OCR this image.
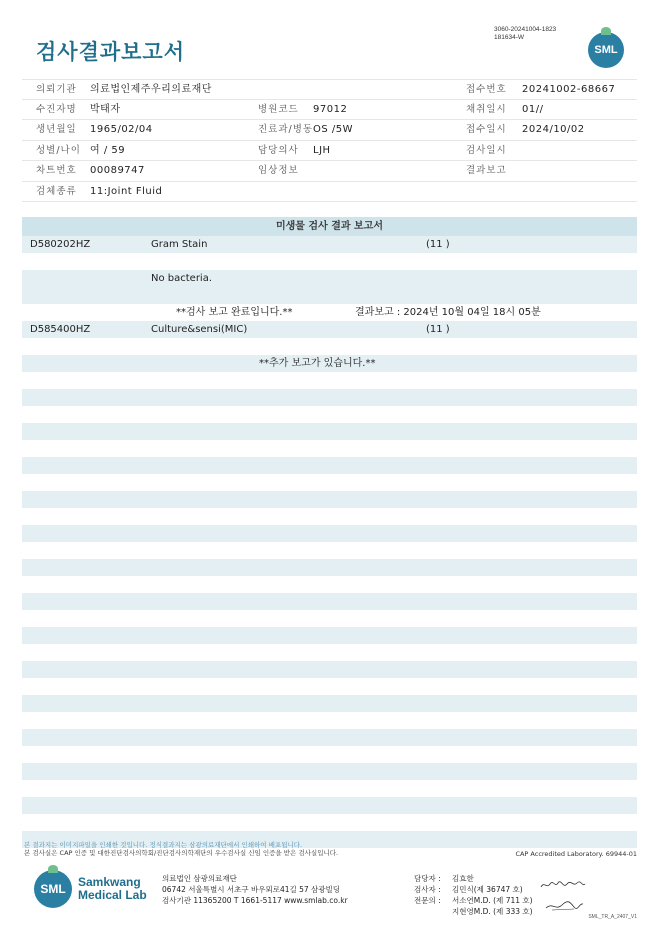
3060-20241004-1823
181634-W
검사결과보고서	SML
의뢰기관 의료법인제주우리의료재단	접수번호 20241002-68667
수진자명 박태자	병원코드 97012	채취일시 01//
생년월일 1965/02/04	진료과/병동 OS /5W	접수일시 2024/10/02
성별/나이 여 / 59	담당의사 LJH	검사일시
차트번호 00089747	임상정보	결과보고
검체종류 11:Joint Fluid
미생물 검사 결과 보고서
D580202HZ	Gram Stain	(11 )
No bacteria.
**검사 보고 완료입니다.**	결과보고 : 2024년 10월 04일 18시 05분
D585400HZ	Culture&sensi(MIC)	(11 )
**추가 보고가 있습니다.**
본 결과지는 이미지파일을 인쇄한 것입니다. 정식결과지는 삼광의료재단에서 인쇄하여 배포됩니다.
본 검사실은 CAP 인증 및 대한진단검사의학회/진단검사의학재단의 우수검사실 신임 인증을 받은 검사실입니다.	CAP Accredited Laboratory. 69944-01
SML	Samkwang
Medical Lab
의료법인 삼광의료재단
06742 서울특별시 서초구 바우뫼로41길 57 삼광빌딩
검사기관 11365200 T 1661-5117 www.smlab.co.kr
담당자 :	김효한
검사자 :	김민식(제 36747 호)
전문의 :	서소연M.D. (제 711 호)
지현영M.D. (제 333 호)
SML_TR_A_2407_V1
